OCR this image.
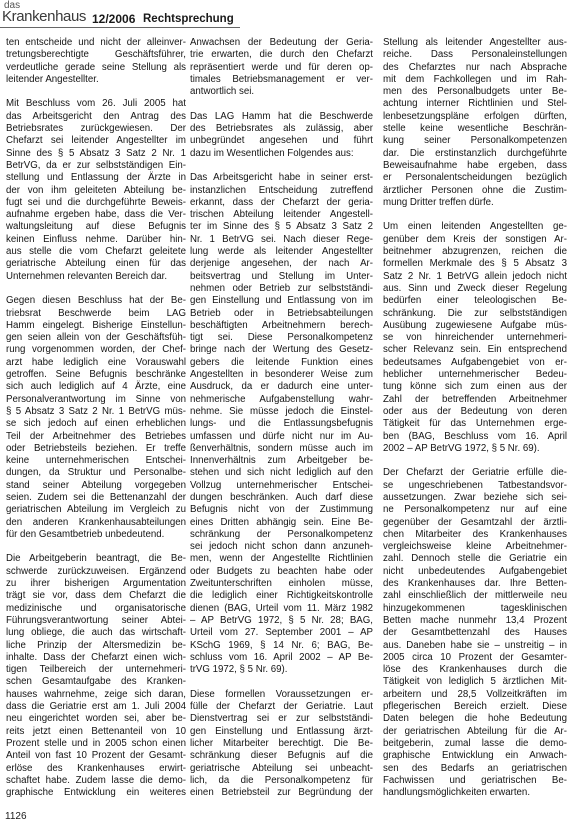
das
Krankenhaus 12/2006 Rechtsprechung
ten entscheide und nicht der alleinver-
tretungsberechtigte Geschäftsführer,
verdeutliche gerade seine Stellung als
leitender Angestellter.
Mit Beschluss vom 26. Juli 2005 hat
das Arbeitsgericht den Antrag des
Betriebsrates zurückgewiesen. Der
Chefarzt sei leitender Angestellter im
Sinne des § 5 Absatz 3 Satz 2 Nr. 1
BetrVG, da er zur selbstständigen Ein-
stellung und Entlassung der Ärzte in
der von ihm geleiteten Abteilung be-
fugt sei und die durchgeführte Beweis-
aufnahme ergeben habe, dass die Ver-
waltungsleitung auf diese Befugnis
keinen Einfluss nehme. Darüber hin-
aus stelle die vom Chefarzt geleitete
geriatrische Abteilung einen für das
Unternehmen relevanten Bereich dar.
Gegen diesen Beschluss hat der Be-
triebsrat Beschwerde beim LAG
Hamm eingelegt. Bisherige Einstellun-
gen seien allein von der Geschäftsfüh-
rung vorgenommen worden, der Chef-
arzt habe lediglich eine Vorauswahl
getroffen. Seine Befugnis beschränke
sich auch lediglich auf 4 Ärzte, eine
Personalverantwortung im Sinne von
§ 5 Absatz 3 Satz 2 Nr. 1 BetrVG müs-
se sich jedoch auf einen erheblichen
Teil der Arbeitnehmer des Betriebes
oder Betriebsteils beziehen. Er treffe
keine unternehmerischen Entschei-
dungen, da Struktur und Personalbe-
stand seiner Abteilung vorgegeben
seien. Zudem sei die Bettenanzahl der
geriatrischen Abteilung im Vergleich zu
den anderen Krankenhausabteilungen
für den Gesamtbetrieb unbedeutend.
Die Arbeitgeberin beantragt, die Be-
schwerde zurückzuweisen. Ergänzend
zu ihrer bisherigen Argumentation
trägt sie vor, dass dem Chefarzt die
medizinische und organisatorische
Führungsverantwortung seiner Abtei-
lung obliege, die auch das wirtschaft-
liche Prinzip der Altersmedizin be-
inhalte. Dass der Chefarzt einen wich-
tigen Teilbereich der unternehmeri-
schen Gesamtaufgabe des Kranken-
hauses wahrnehme, zeige sich daran,
dass die Geriatrie erst am 1. Juli 2004
neu eingerichtet worden sei, aber be-
reits jetzt einen Bettenanteil von 10
Prozent stelle und in 2005 schon einen
Anteil von fast 10 Prozent der Gesamt-
erlöse des Krankenhauses erwirt-
schaftet habe. Zudem lasse die demo-
graphische Entwicklung ein weiteres
Anwachsen der Bedeutung der Geria-
trie erwarten, die durch den Chefarzt
repräsentiert werde und für deren op-
timales Betriebsmanagement er ver-
antwortlich sei.
Das LAG Hamm hat die Beschwerde
des Betriebsrates als zulässig, aber
unbegründet angesehen und führt
dazu im Wesentlichen Folgendes aus:
Das Arbeitsgericht habe in seiner erst-
instanzlichen Entscheidung zutreffend
erkannt, dass der Chefarzt der geria-
trischen Abteilung leitender Angestell-
ter im Sinne des § 5 Absatz 3 Satz 2
Nr. 1 BetrVG sei. Nach dieser Rege-
lung werde als leitender Angestellter
derjenige angesehen, der nach Ar-
beitsvertrag und Stellung im Unter-
nehmen oder Betrieb zur selbstständi-
gen Einstellung und Entlassung von im
Betrieb oder in Betriebsabteilungen
beschäftigten Arbeitnehmern berech-
tigt sei. Diese Personalkompetenz
bringe nach der Wertung des Gesetz-
gebers die leitende Funktion eines
Angestellten in besonderer Weise zum
Ausdruck, da er dadurch eine unter-
nehmerische Aufgabenstellung wahr-
nehme. Sie müsse jedoch die Einstel-
lungs- und die Entlassungsbefugnis
umfassen und dürfe nicht nur im Au-
ßenverhältnis, sondern müsse auch im
Innenverhältnis zum Arbeitgeber be-
stehen und sich nicht lediglich auf den
Vollzug unternehmerischer Entschei-
dungen beschränken. Auch darf diese
Befugnis nicht von der Zustimmung
eines Dritten abhängig sein. Eine Be-
schränkung der Personalkompetenz
sei jedoch nicht schon dann anzuneh-
men, wenn der Angestellte Richtlinien
oder Budgets zu beachten habe oder
Zweitunterschriften einholen müsse,
die lediglich einer Richtigkeitskontrolle
dienen (BAG, Urteil vom 11. März 1982
– AP BetrVG 1972, § 5 Nr. 28; BAG,
Urteil vom 27. September 2001 – AP
KSchG 1969, § 14 Nr. 6; BAG, Be-
schluss vom 16. April 2002 – AP Be-
trVG 1972, § 5 Nr. 69).
Diese formellen Voraussetzungen er-
fülle der Chefarzt der Geriatrie. Laut
Dienstvertrag sei er zur selbstständi-
gen Einstellung und Entlassung ärzt-
licher Mitarbeiter berechtigt. Die Be-
schränkung dieser Befugnis auf die
geriatrische Abteilung sei unbeacht-
lich, da die Personalkompetenz für
einen Betriebsteil zur Begründung der
Stellung als leitender Angestellter aus-
reiche. Dass Personaleinstellungen
des Chefarztes nur nach Absprache
mit dem Fachkollegen und im Rah-
men des Personalbudgets unter Be-
achtung interner Richtlinien und Stel-
lenbesetzungspläne erfolgen dürften,
stelle keine wesentliche Beschrän-
kung seiner Personalkompetenzen
dar. Die erstinstanzlich durchgeführte
Beweisaufnahme habe ergeben, dass
er Personalentscheidungen bezüglich
ärztlicher Personen ohne die Zustim-
mung Dritter treffen dürfe.
Um einen leitenden Angestellten ge-
genüber dem Kreis der sonstigen Ar-
beitnehmer abzugrenzen, reichen die
formellen Merkmale des § 5 Absatz 3
Satz 2 Nr. 1 BetrVG allein jedoch nicht
aus. Sinn und Zweck dieser Regelung
bedürfen einer teleologischen Be-
schränkung. Die zur selbstständigen
Ausübung zugewiesene Aufgabe müs-
se von hinreichender unternehmeri-
scher Relevanz sein. Ein entsprechend
bedeutsames Aufgabengebiet von er-
heblicher unternehmerischer Bedeu-
tung könne sich zum einen aus der
Zahl der betreffenden Arbeitnehmer
oder aus der Bedeutung von deren
Tätigkeit für das Unternehmen erge-
ben (BAG, Beschluss vom 16. April
2002 – AP BetrVG 1972, § 5 Nr. 69).
Der Chefarzt der Geriatrie erfülle die-
se ungeschriebenen Tatbestandsvor-
aussetzungen. Zwar beziehe sich sei-
ne Personalkompetenz nur auf eine
gegenüber der Gesamtzahl der ärztli-
chen Mitarbeiter des Krankenhauses
vergleichsweise kleine Arbeitnehmer-
zahl. Dennoch stelle die Geriatrie ein
nicht unbedeutendes Aufgabengebiet
des Krankenhauses dar. Ihre Betten-
zahl einschließlich der mittlerweile neu
hinzugekommenen tagesklinischen
Betten mache nunmehr 13,4 Prozent
der Gesamtbettenzahl des Hauses
aus. Daneben habe sie – unstreitig – in
2005 circa 10 Prozent der Gesamter-
löse des Krankenhauses durch die
Tätigkeit von lediglich 5 ärztlichen Mit-
arbeitern und 28,5 Vollzeitkräften im
pflegerischen Bereich erzielt. Diese
Daten belegen die hohe Bedeutung
der geriatrischen Abteilung für die Ar-
beitgeberin, zumal lasse die demo-
graphische Entwicklung ein Anwach-
sen des Bedarfs an geriatrischen
Fachwissen und geriatrischen Be-
handlungsmöglichkeiten erwarten.
1126
